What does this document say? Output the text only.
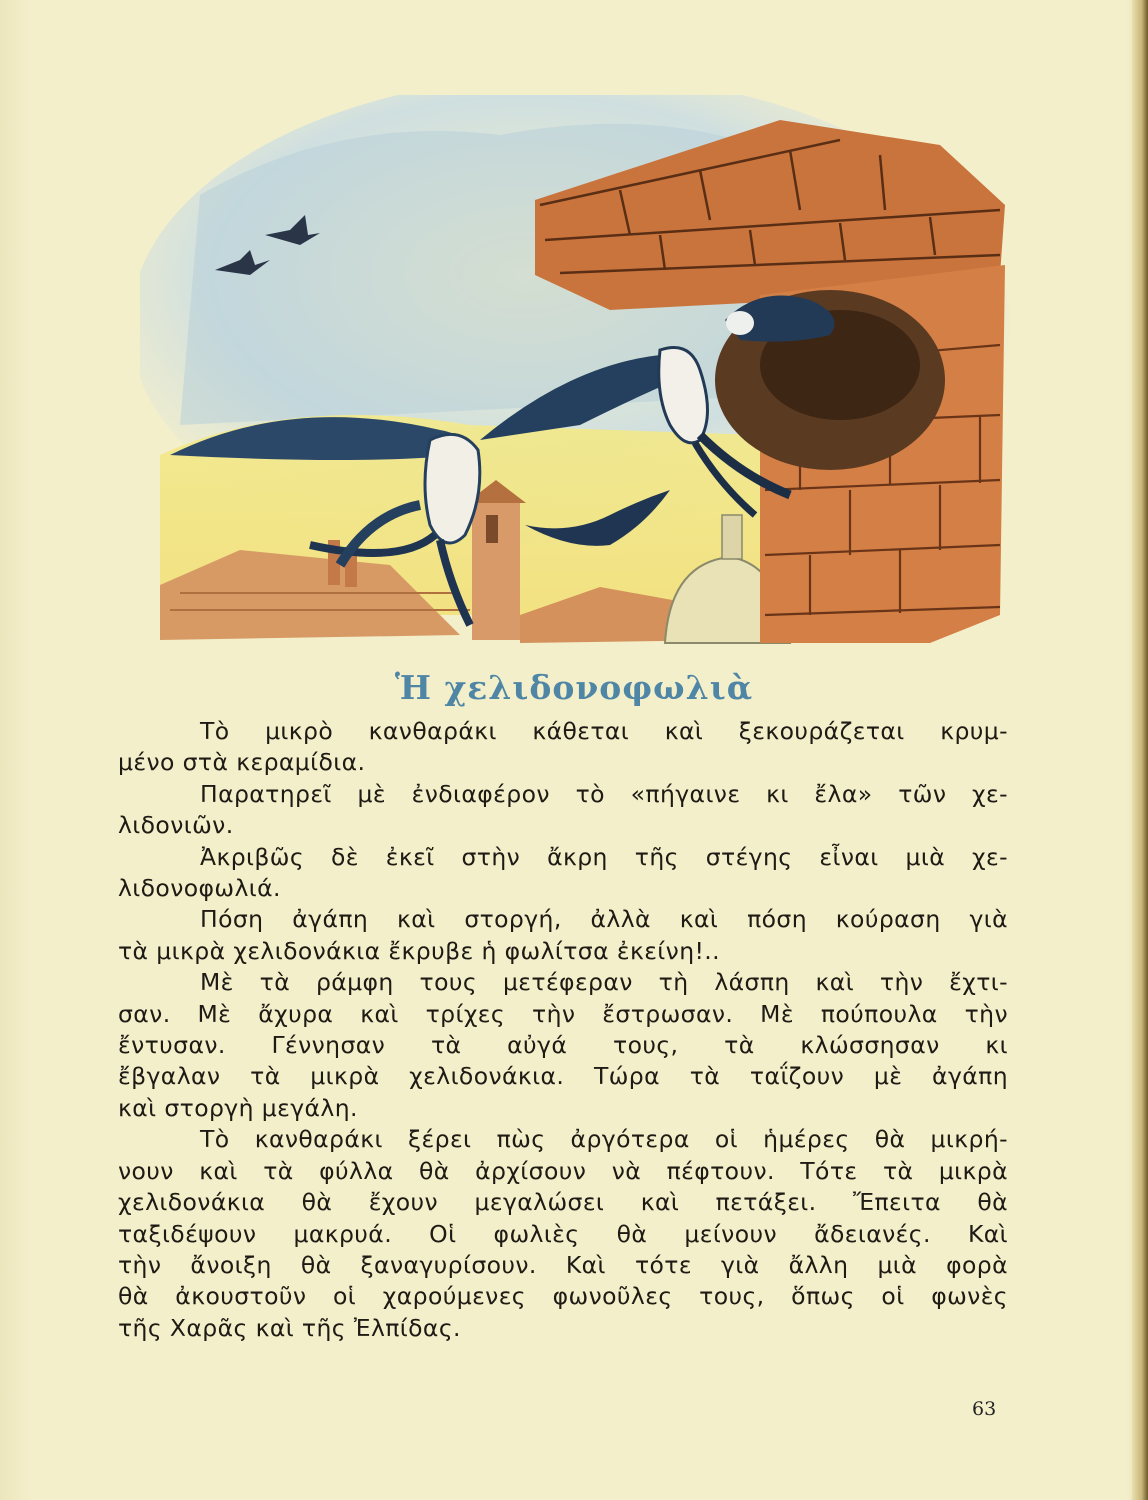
Ἡ χελιδονοφωλιὰ
Τὸ μικρὸ κανθαράκι κάθεται καὶ ξεκουράζεται κρυμ-
μένο στὰ κεραμίδια.
Παρατηρεῖ μὲ ἐνδιαφέρον τὸ «πήγαινε κι ἔλα» τῶν χε-
λιδονιῶν.
Ἀκριβῶς δὲ ἐκεῖ στὴν ἄκρη τῆς στέγης εἶναι μιὰ χε-
λιδονοφωλιά.
Πόση ἀγάπη καὶ στοργή, ἀλλὰ καὶ πόση κούραση γιὰ
τὰ μικρὰ χελιδονάκια ἔκρυβε ἡ φωλίτσα ἐκείνη!..
Μὲ τὰ ράμφη τους μετέφεραν τὴ λάσπη καὶ τὴν ἔχτι-
σαν. Μὲ ἄχυρα καὶ τρίχες τὴν ἔστρωσαν. Μὲ πούπουλα τὴν
ἔντυσαν. Γέννησαν τὰ αὐγά τους, τὰ κλώσσησαν κι
ἔβγαλαν τὰ μικρὰ χελιδονάκια. Τώρα τὰ ταΐζουν μὲ ἀγάπη
καὶ στοργὴ μεγάλη.
Τὸ κανθαράκι ξέρει πὼς ἀργότερα οἱ ἡμέρες θὰ μικρή-
νουν καὶ τὰ φύλλα θὰ ἀρχίσουν νὰ πέφτουν. Τότε τὰ μικρὰ
χελιδονάκια θὰ ἔχουν μεγαλώσει καὶ πετάξει. Ἔπειτα θὰ
ταξιδέψουν μακρυά. Οἱ φωλιὲς θὰ μείνουν ἄδειανές. Καὶ
τὴν ἄνοιξη θὰ ξαναγυρίσουν. Καὶ τότε γιὰ ἄλλη μιὰ φορὰ
θὰ ἀκουστοῦν οἱ χαρούμενες φωνοῦλες τους, ὅπως οἱ φωνὲς
τῆς Χαρᾶς καὶ τῆς Ἐλπίδας.
63
